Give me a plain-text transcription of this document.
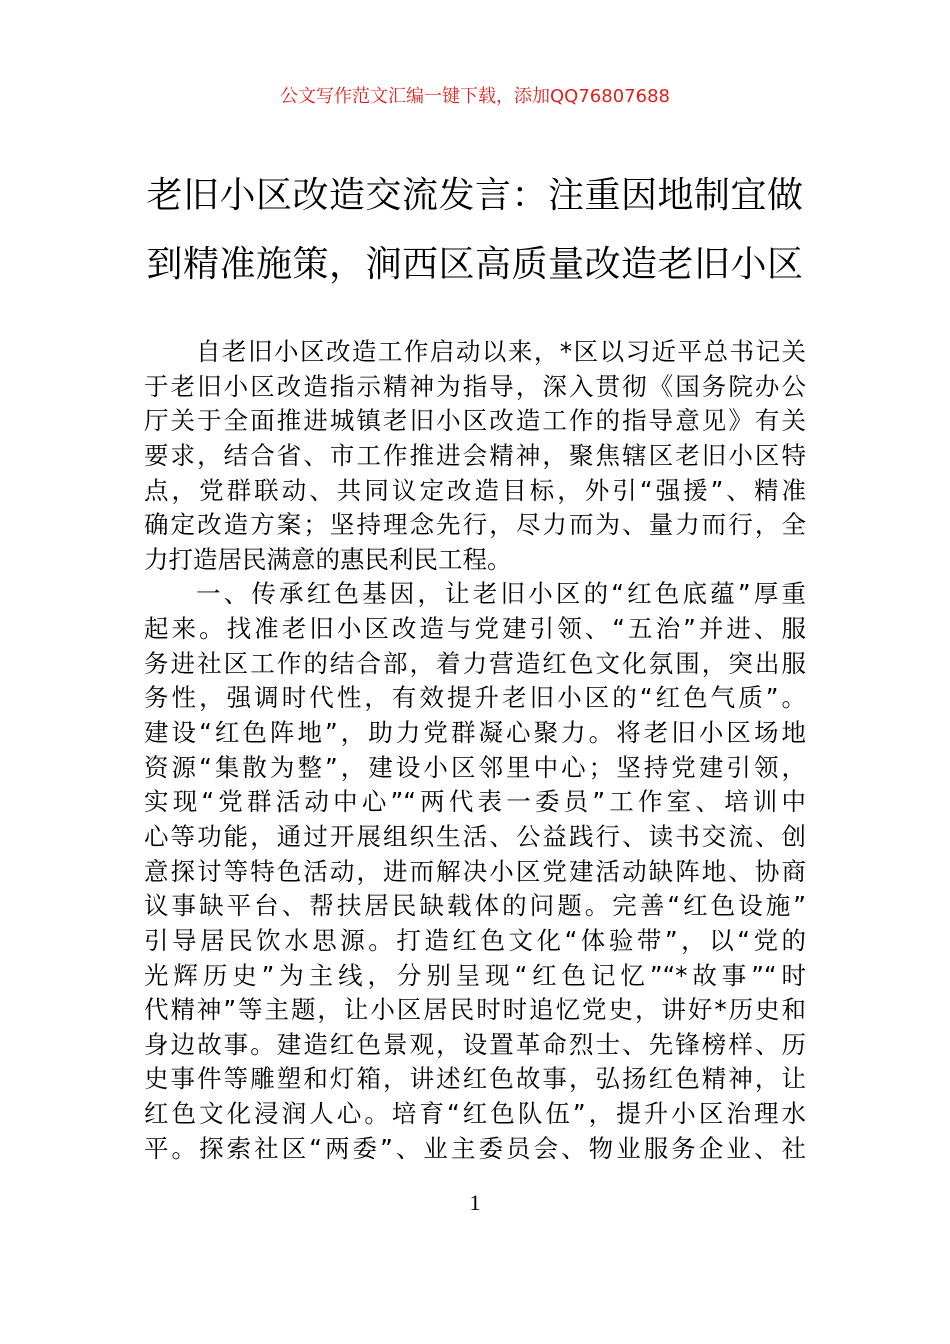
公文写作范文汇编一键下载，添加QQ76807688
老旧小区改造交流发言：注重因地制宜做
到精准施策，涧西区高质量改造老旧小区
自老旧小区改造工作启动以来，*区以习近平总书记关
于老旧小区改造指示精神为指导，深入贯彻《国务院办公
厅关于全面推进城镇老旧小区改造工作的指导意见》有关
要求，结合省、市工作推进会精神，聚焦辖区老旧小区特
点，党群联动、共同议定改造目标，外引“强援”、精准
确定改造方案；坚持理念先行，尽力而为、量力而行，全
力打造居民满意的惠民利民工程。
一、传承红色基因，让老旧小区的“红色底蕴”厚重
起来。找准老旧小区改造与党建引领、“五治”并进、服
务进社区工作的结合部，着力营造红色文化氛围，突出服
务性，强调时代性，有效提升老旧小区的“红色气质”。
建设“红色阵地”，助力党群凝心聚力。将老旧小区场地
资源“集散为整”，建设小区邻里中心；坚持党建引领，
实现“党群活动中心”“两代表一委员”工作室、培训中
心等功能，通过开展组织生活、公益践行、读书交流、创
意探讨等特色活动，进而解决小区党建活动缺阵地、协商
议事缺平台、帮扶居民缺载体的问题。完善“红色设施”
引导居民饮水思源。打造红色文化“体验带”，以“党的
光辉历史”为主线，分别呈现“红色记忆”“*故事”“时
代精神”等主题，让小区居民时时追忆党史，讲好*历史和
身边故事。建造红色景观，设置革命烈士、先锋榜样、历
史事件等雕塑和灯箱，讲述红色故事，弘扬红色精神，让
红色文化浸润人心。培育“红色队伍”，提升小区治理水
平。探索社区“两委”、业主委员会、物业服务企业、社
1
